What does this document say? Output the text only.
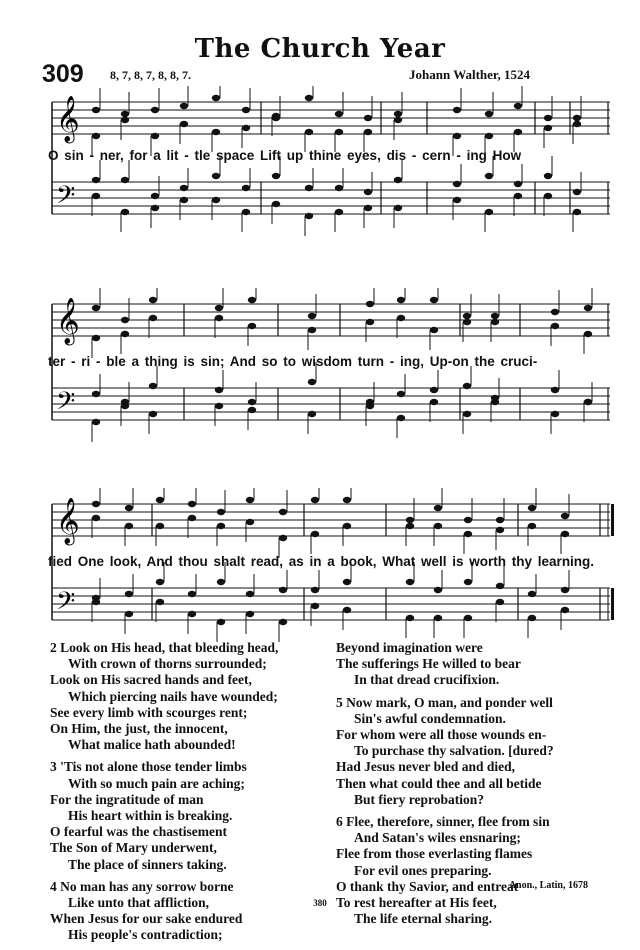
The Church Year
309 8, 7, 8, 7, 8, 8, 7.	Johann Walther, 1524
𝄞
𝄢
O sin - ner, for a lit - tle space Lift up thine eyes, dis - cern - ing How
𝄞
𝄢
ter - ri - ble a thing is sin; And so to wisdom turn - ing, Up-on the cruci-
𝄞
𝄢
fied One look, And thou shalt read, as in a book, What well is worth thy learning.
2 Look on His head, that bleeding head,
With crown of thorns surrounded;
Look on His sacred hands and feet,
Which piercing nails have wounded;
See every limb with scourges rent;
On Him, the just, the innocent,
What malice hath abounded!
3 'Tis not alone those tender limbs
With so much pain are aching;
For the ingratitude of man
His heart within is breaking.
O fearful was the chastisement
The Son of Mary underwent,
The place of sinners taking.
4 No man has any sorrow borne
Like unto that affliction,
When Jesus for our sake endured
His people's contradiction;
Beyond imagination were
The sufferings He willed to bear
In that dread crucifixion.
5 Now mark, O man, and ponder well
Sin's awful condemnation.
For whom were all those wounds en-
To purchase thy salvation. [dured?
Had Jesus never bled and died,
Then what could thee and all betide
But fiery reprobation?
6 Flee, therefore, sinner, flee from sin
And Satan's wiles ensnaring;
Flee from those everlasting flames
For evil ones preparing.
O thank thy Savior, and entreat
To rest hereafter at His feet,
The life eternal sharing.
Anon., Latin, 1678
380
